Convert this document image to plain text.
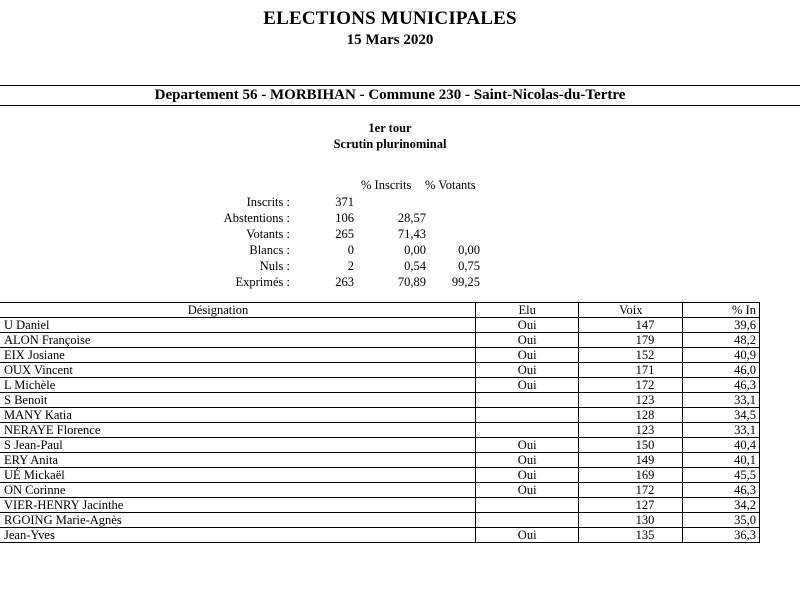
ELECTIONS MUNICIPALES
15 Mars 2020
Departement 56 - MORBIHAN - Commune 230 - Saint-Nicolas-du-Tertre
1er tour
Scrutin plurinominal
% Inscrits % Votants
Inscrits :	371
Abstentions :	106	28,57
Votants :	265	71,43
Blancs :	0	0,00	0,00
Nuls :	2	0,54	0,75
Exprimés :	263	70,89 99,25
Désignation	Elu	Voix	% In
U Daniel	Oui	147	39,6
ALON Françoise	Oui	179	48,2
EIX Josiane	Oui	152	40,9
OUX Vincent	Oui	171	46,0
L Michèle	Oui	172	46,3
S Benoit		123	33,1
MANY Katia		128	34,5
NERAYE Florence		123	33,1
S Jean-Paul	Oui	150	40,4
ERY Anita	Oui	149	40,1
UÉ Mickaël	Oui	169	45,5
ON Corinne	Oui	172	46,3
VIER-HENRY Jacinthe		127	34,2
RGOING Marie-Agnès		130	35,0
Jean-Yves	Oui	135	36,3
